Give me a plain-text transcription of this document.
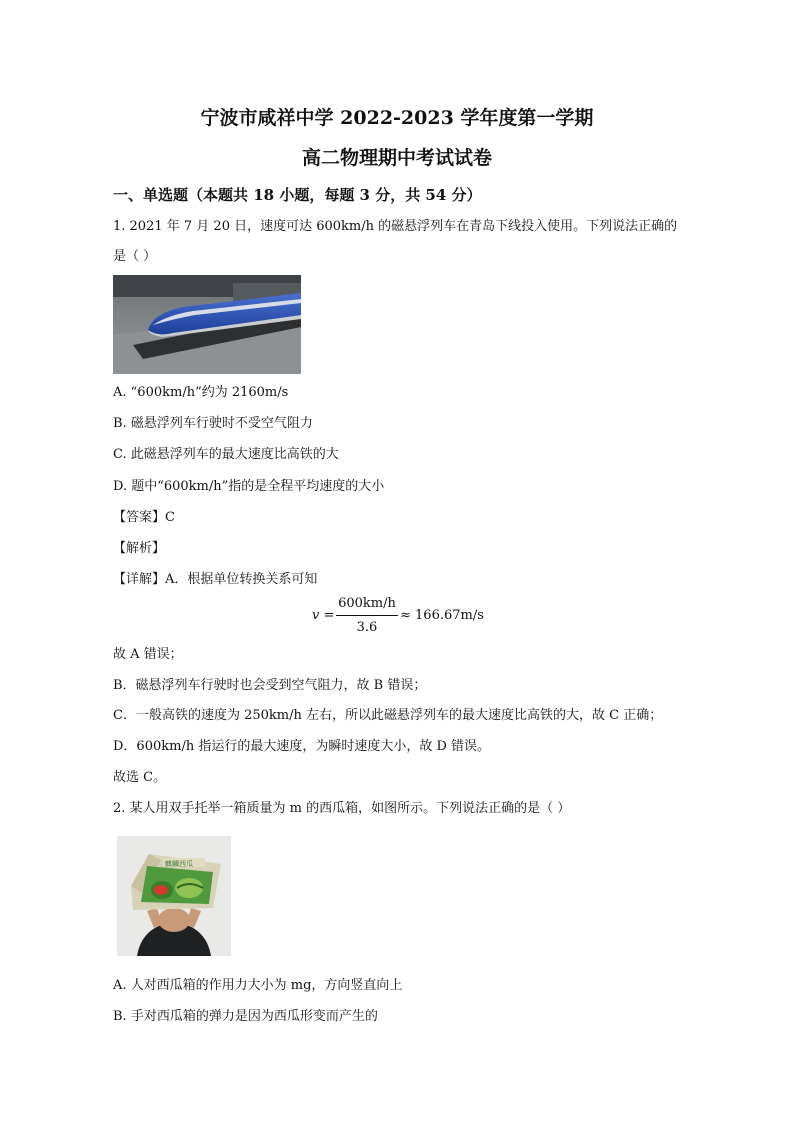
宁波市咸祥中学 2022-2023 学年度第一学期
高二物理期中考试试卷
一、单选题（本题共 18 小题，每题 3 分，共 54 分）
1. 2021 年 7 月 20 日，速度可达 600km/h 的磁悬浮列车在青岛下线投入使用。下列说法正确的
是（ ）
A. “600km/h”约为 2160m/s
B. 磁悬浮列车行驶时不受空气阻力
C. 此磁悬浮列车的最大速度比高铁的大
D. 题中“600km/h”指的是全程平均速度的大小
【答案】C
【解析】
【详解】A．根据单位转换关系可知
v =
600km/h
3.6
≈ 166.67m/s
故 A 错误；
B．磁悬浮列车行驶时也会受到空气阻力，故 B 错误；
C．一般高铁的速度为 250km/h 左右，所以此磁悬浮列车的最大速度比高铁的大，故 C 正确；
D．600km/h 指运行的最大速度，为瞬时速度大小，故 D 错误。
故选 C。
2. 某人用双手托举一箱质量为 m 的西瓜箱，如图所示。下列说法正确的是（ ）
麒麟西瓜
A. 人对西瓜箱的作用力大小为 mg，方向竖直向上
B. 手对西瓜箱的弹力是因为西瓜形变而产生的
